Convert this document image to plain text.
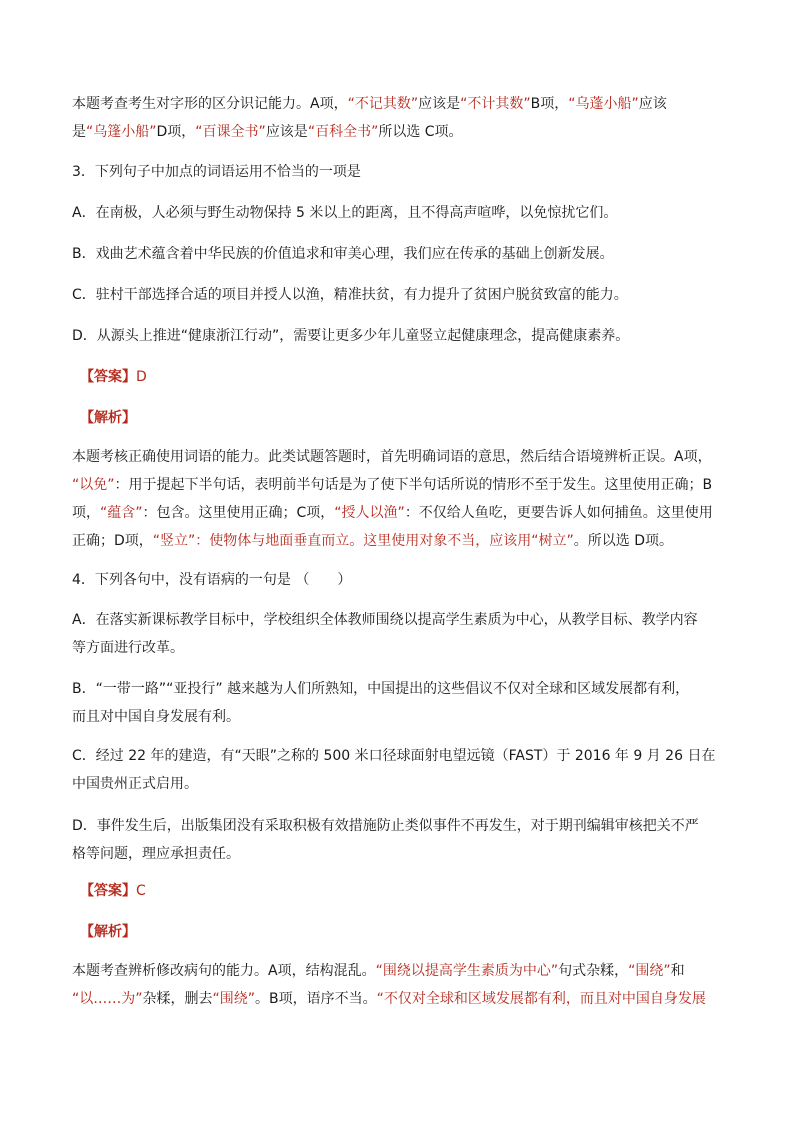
本题考查考生对字形的区分识记能力。A项，“不记其数”应该是“不计其数”B项，“乌蓬小船”应该
是“乌篷小船”D项，“百课全书”应该是“百科全书”所以选 C项。

3．下列句子中加点的词语运用不恰当的一项是

A．在南极，人必须与野生动物保持 5 米以上的距离，且不得高声喧哗，以免惊扰它们。

B．戏曲艺术蕴含着中华民族的价值追求和审美心理，我们应在传承的基础上创新发展。

C．驻村干部选择合适的项目并授人以渔，精准扶贫，有力提升了贫困户脱贫致富的能力。

D．从源头上推进“健康浙江行动”，需要让更多少年儿童竖立起健康理念，提高健康素养。

【答案】D

【解析】

本题考核正确使用词语的能力。此类试题答题时，首先明确词语的意思，然后结合语境辨析正误。A项，
“以免”：用于提起下半句话，表明前半句话是为了使下半句话所说的情形不至于发生。这里使用正确；B
项，“蕴含”：包含。这里使用正确；C项，“授人以渔”：不仅给人鱼吃，更要告诉人如何捕鱼。这里使用
正确；D项，“竖立”：使物体与地面垂直而立。这里使用对象不当，应该用“树立”。所以选 D项。

4．下列各句中，没有语病的一句是 （　　）

A．在落实新课标教学目标中，学校组织全体教师围绕以提高学生素质为中心，从教学目标、教学内容
等方面进行改革。
B．“一带一路”“亚投行” 越来越为人们所熟知，中国提出的这些倡议不仅对全球和区域发展都有利，
而且对中国自身发展有利。
C．经过 22 年的建造，有“天眼”之称的 500 米口径球面射电望远镜（FAST）于 2016 年 9 月 26 日在
中国贵州正式启用。
D．事件发生后，出版集团没有采取积极有效措施防止类似事件不再发生，对于期刊编辑审核把关不严
格等问题，理应承担责任。

【答案】C

【解析】

本题考查辨析修改病句的能力。A项，结构混乱。“围绕以提高学生素质为中心”句式杂糅，“围绕”和
“以……为”杂糅，删去“围绕”。B项，语序不当。“不仅对全球和区域发展都有利，而且对中国自身发展
